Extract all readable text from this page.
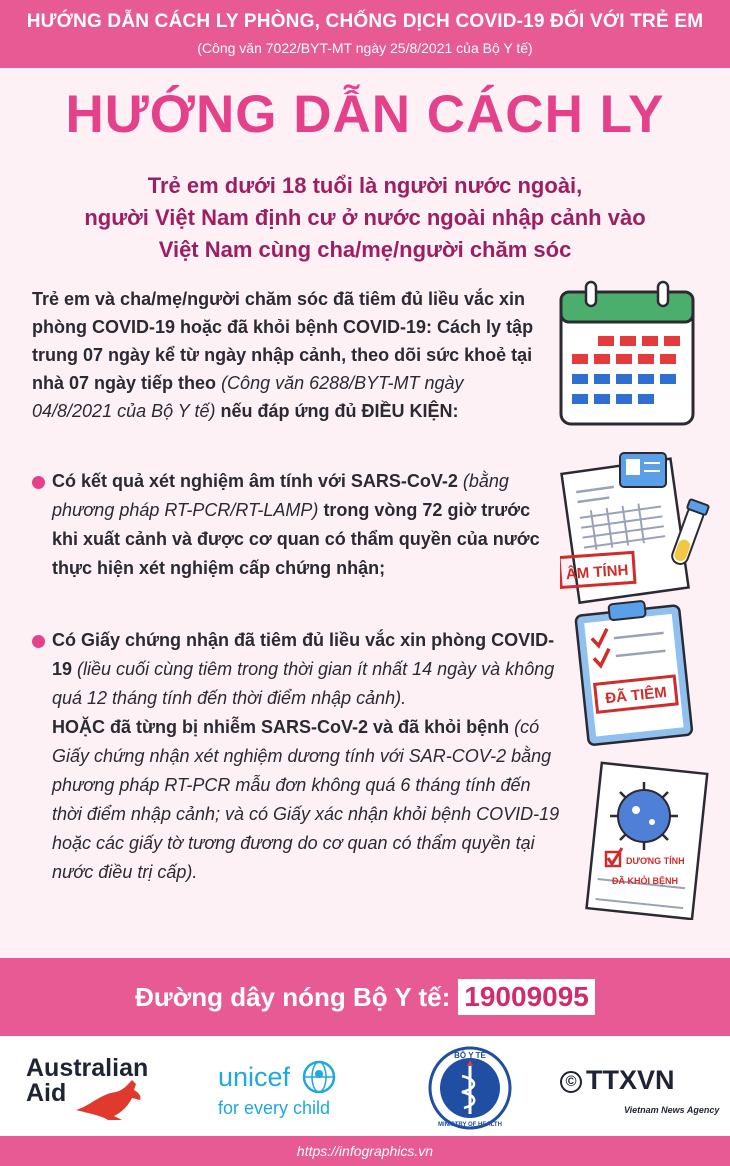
HƯỚNG DẪN CÁCH LY PHÒNG, CHỐNG DỊCH COVID-19 ĐỐI VỚI TRẺ EM
(Công văn 7022/BYT-MT ngày 25/8/2021 của Bộ Y tế)
HƯỚNG DẪN CÁCH LY
Trẻ em dưới 18 tuổi là người nước ngoài,
người Việt Nam định cư ở nước ngoài nhập cảnh vào
Việt Nam cùng cha/mẹ/người chăm sóc
Trẻ em và cha/mẹ/người chăm sóc đã tiêm đủ liều vắc xin phòng COVID-19 hoặc đã khỏi bệnh COVID-19: Cách ly tập trung 07 ngày kể từ ngày nhập cảnh, theo dõi sức khoẻ tại nhà 07 ngày tiếp theo (Công văn 6288/BYT-MT ngày 04/8/2021 của Bộ Y tế) nếu đáp ứng đủ ĐIỀU KIỆN:
Có kết quả xét nghiệm âm tính với SARS-CoV-2 (bằng phương pháp RT-PCR/RT-LAMP) trong vòng 72 giờ trước khi xuất cảnh và được cơ quan có thẩm quyền của nước thực hiện xét nghiệm cấp chứng nhận;	ÂM TÍNH
Có Giấy chứng nhận đã tiêm đủ liều vắc xin phòng COVID-19 (liều cuối cùng tiêm trong thời gian ít nhất 14 ngày và không quá 12 tháng tính đến thời điểm nhập cảnh).
HOẶC đã từng bị nhiễm SARS-CoV-2 và đã khỏi bệnh (có Giấy chứng nhận xét nghiệm dương tính với SAR-COV-2 bằng phương pháp RT-PCR mẫu đơn không quá 6 tháng tính đến thời điểm nhập cảnh; và có Giấy xác nhận khỏi bệnh COVID-19 hoặc các giấy tờ tương đương do cơ quan có thẩm quyền tại nước điều trị cấp).
ĐÃ TIÊM
DƯƠNG TÍNH
ĐÃ KHỎI BỆNH
Đường dây nóng Bộ Y tế: 19009095
Australian
Aid
unicef
for every child
BỘ Y TẾ
MINISTRY OF HEALTH
© TTXVN
Vietnam News Agency
https://infographics.vn
